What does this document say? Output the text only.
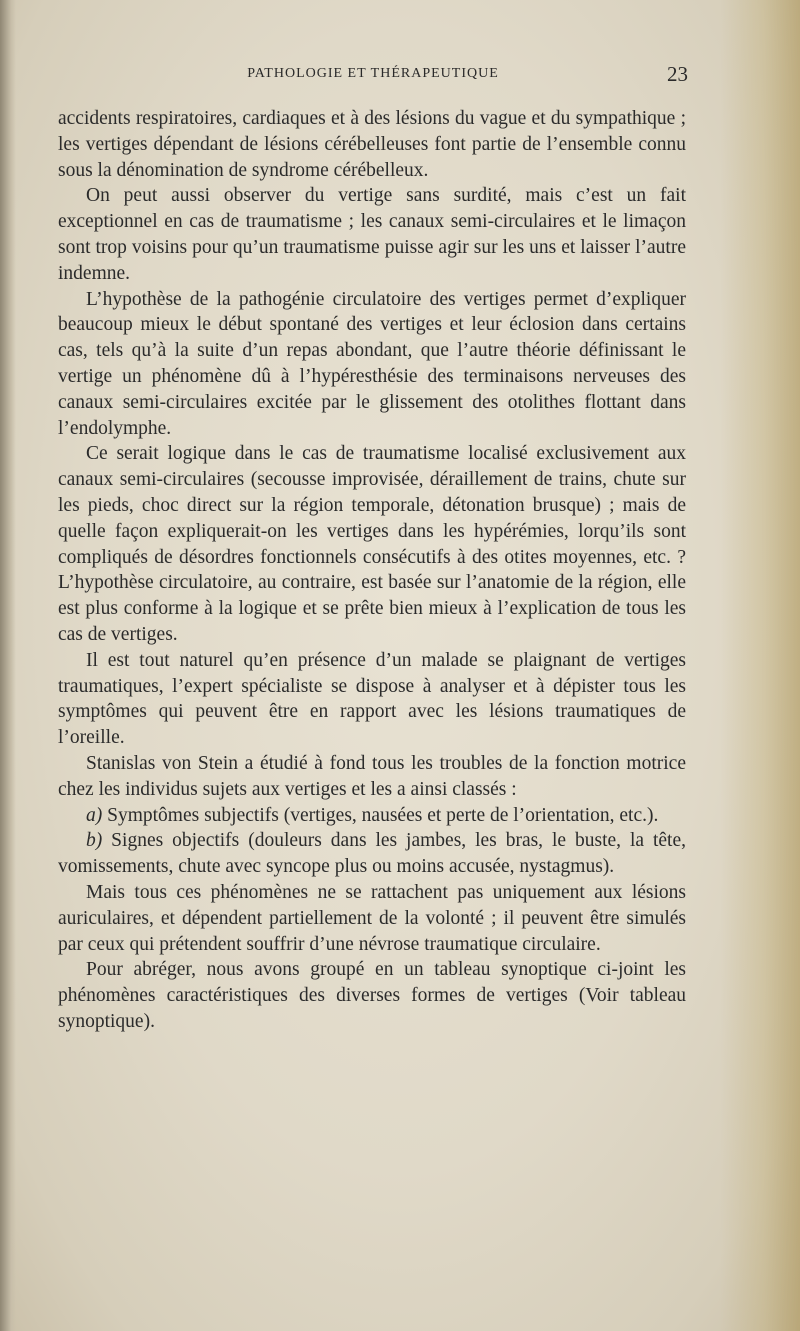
PATHOLOGIE ET THÉRAPEUTIQUE	23

accidents respiratoires, cardiaques et à des lésions du vague et du sympathique ; les vertiges dépendant de lésions cérébelleuses font partie de l’ensemble connu sous la dénomination de syndrome cérébelleux.

On peut aussi observer du vertige sans surdité, mais c’est un fait exceptionnel en cas de traumatisme ; les canaux semi-circulaires et le limaçon sont trop voisins pour qu’un traumatisme puisse agir sur les uns et laisser l’autre indemne.

L’hypothèse de la pathogénie circulatoire des vertiges permet d’expliquer beaucoup mieux le début spontané des vertiges et leur éclosion dans certains cas, tels qu’à la suite d’un repas abondant, que l’autre théorie définissant le vertige un phénomène dû à l’hypéresthésie des terminaisons nerveuses des canaux semi-circulaires excitée par le glissement des otolithes flottant dans l’endolymphe.

Ce serait logique dans le cas de traumatisme localisé exclusivement aux canaux semi-circulaires (secousse improvisée, déraillement de trains, chute sur les pieds, choc direct sur la région temporale, détonation brusque) ; mais de quelle façon expliquerait-on les vertiges dans les hypérémies, lorqu’ils sont compliqués de désordres fonctionnels consécutifs à des otites moyennes, etc. ? L’hypothèse circulatoire, au contraire, est basée sur l’anatomie de la région, elle est plus conforme à la logique et se prête bien mieux à l’explication de tous les cas de vertiges.

Il est tout naturel qu’en présence d’un malade se plaignant de vertiges traumatiques, l’expert spécialiste se dispose à analyser et à dépister tous les symptômes qui peuvent être en rapport avec les lésions traumatiques de l’oreille.

Stanislas von Stein a étudié à fond tous les troubles de la fonction motrice chez les individus sujets aux vertiges et les a ainsi classés :

a) Symptômes subjectifs (vertiges, nausées et perte de l’orientation, etc.).

b) Signes objectifs (douleurs dans les jambes, les bras, le buste, la tête, vomissements, chute avec syncope plus ou moins accusée, nystagmus).

Mais tous ces phénomènes ne se rattachent pas uniquement aux lésions auriculaires, et dépendent partiellement de la volonté ; il peuvent être simulés par ceux qui prétendent souffrir d’une névrose traumatique circulaire.

Pour abréger, nous avons groupé en un tableau synoptique ci-joint les phénomènes caractéristiques des diverses formes de vertiges (Voir tableau synoptique).
